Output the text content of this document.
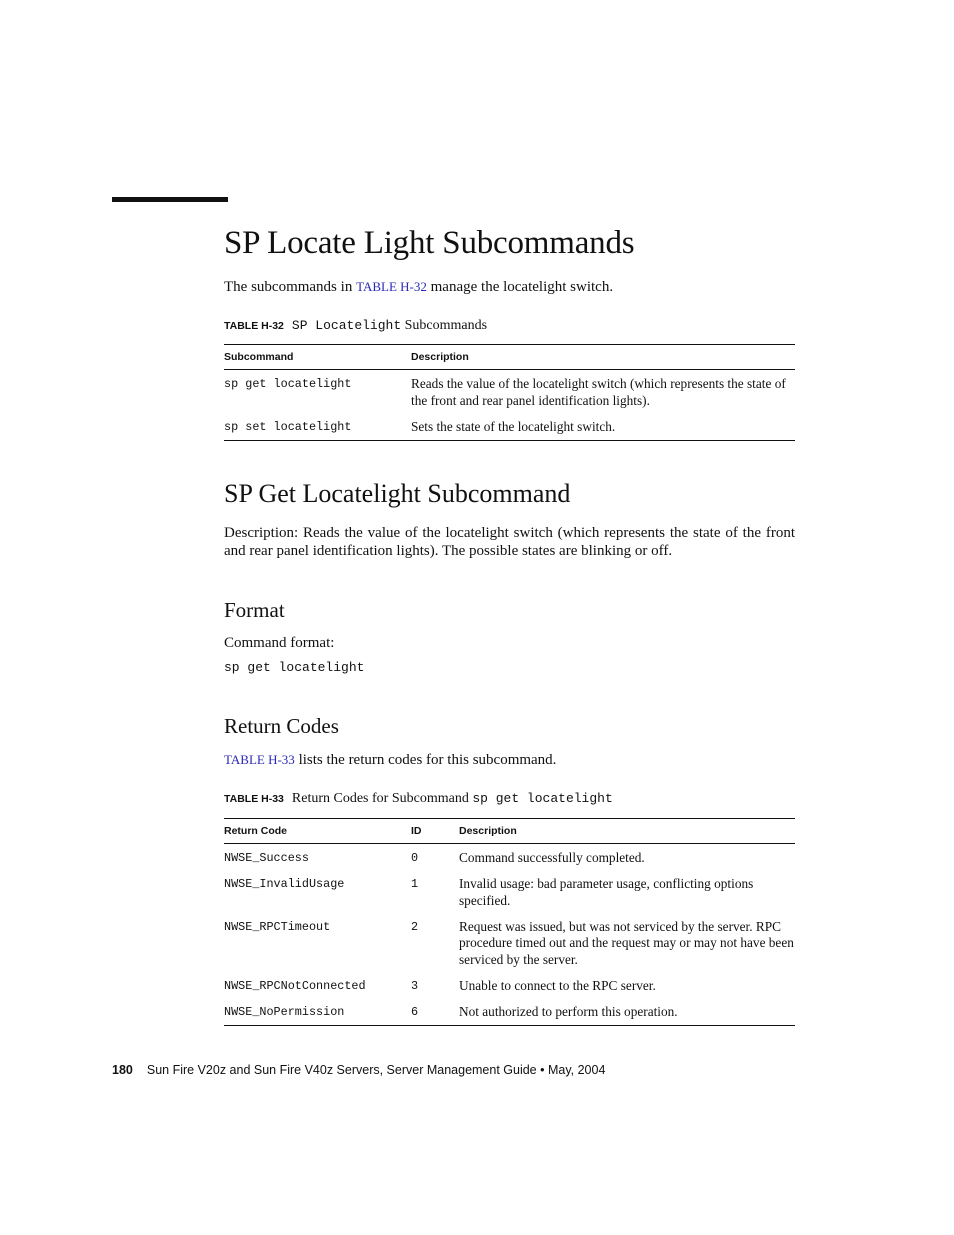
SP Locate Light Subcommands
The subcommands in TABLE H-32 manage the locatelight switch.
TABLE H-32 SP Locatelight Subcommands
Subcommand	Description
sp get locatelight	Reads the value of the locatelight switch (which represents the state of the front and rear panel identification lights).
sp set locatelight	Sets the state of the locatelight switch.
SP Get Locatelight Subcommand
Description: Reads the value of the locatelight switch (which represents the state of the front and rear panel identification lights). The possible states are blinking or off.
Format
Command format:
sp get locatelight
Return Codes
TABLE H-33 lists the return codes for this subcommand.
TABLE H-33 Return Codes for Subcommand sp get locatelight
Return Code	ID	Description
NWSE_Success	0	Command successfully completed.
NWSE_InvalidUsage	1	Invalid usage: bad parameter usage, conflicting options specified.
NWSE_RPCTimeout	2	Request was issued, but was not serviced by the server. RPC procedure timed out and the request may or may not have been serviced by the server.
NWSE_RPCNotConnected	3	Unable to connect to the RPC server.
NWSE_NoPermission	6	Not authorized to perform this operation.
180 Sun Fire V20z and Sun Fire V40z Servers, Server Management Guide • May, 2004
